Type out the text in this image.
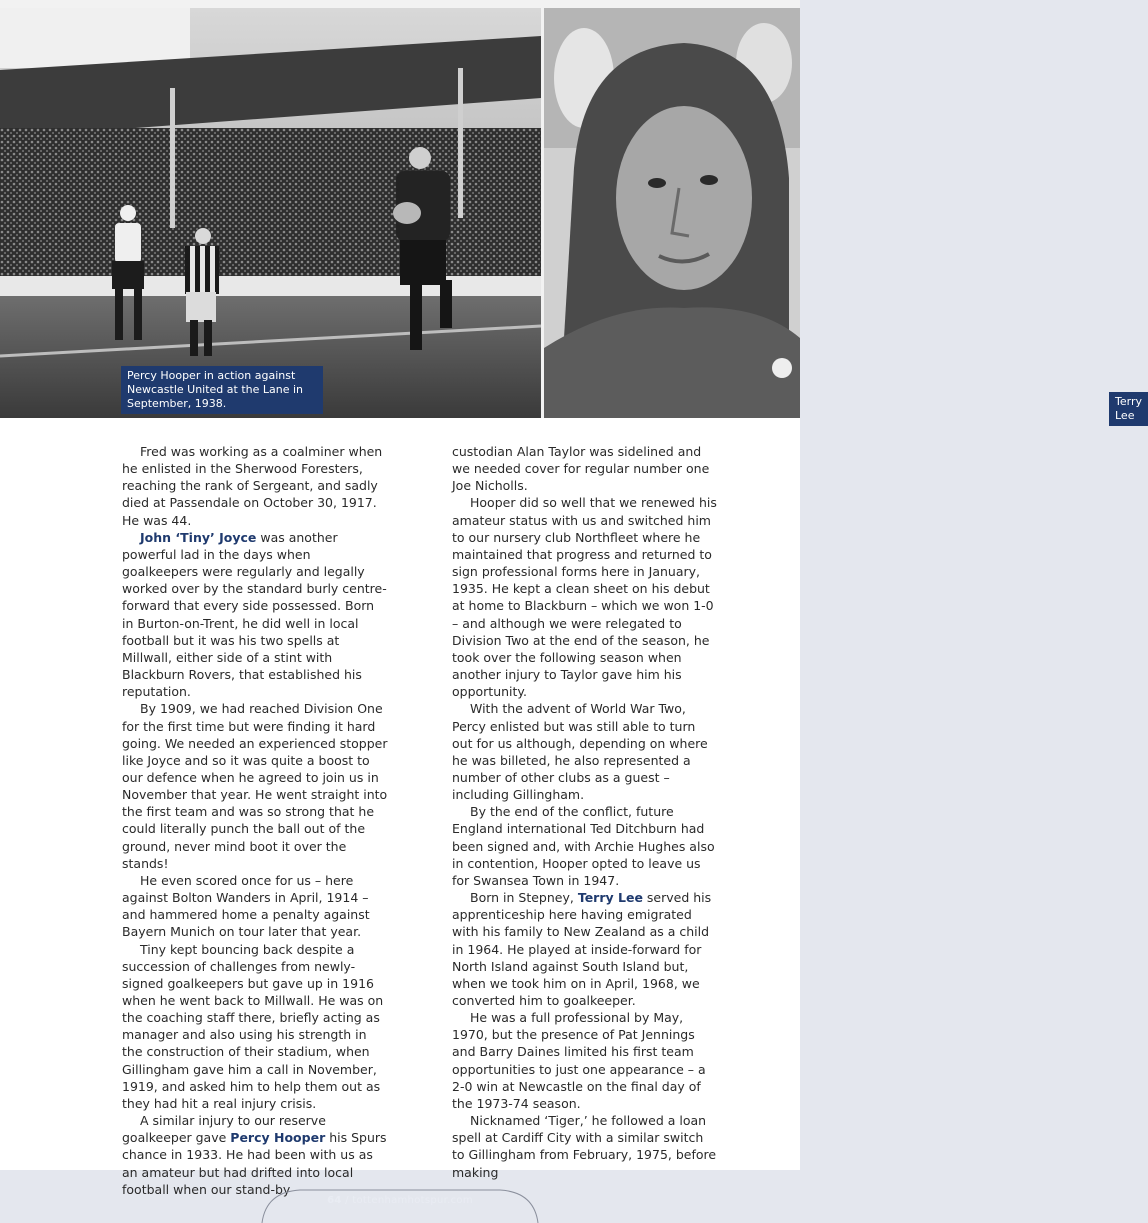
Percy Hooper in action against Newcastle United at the Lane in September, 1938.	Terry Lee

Fred was working as a coalminer when he enlisted in the Sherwood Foresters, reaching the rank of Sergeant, and sadly died at Passendale on October 30, 1917. He was 44.

John ‘Tiny’ Joyce was another powerful lad in the days when goalkeepers were regularly and legally worked over by the standard burly centre-forward that every side possessed. Born in Burton-on-Trent, he did well in local football but it was his two spells at Millwall, either side of a stint with Blackburn Rovers, that established his reputation.

By 1909, we had reached Division One for the first time but were finding it hard going. We needed an experienced stopper like Joyce and so it was quite a boost to our defence when he agreed to join us in November that year. He went straight into the first team and was so strong that he could literally punch the ball out of the ground, never mind boot it over the stands!

He even scored once for us – here against Bolton Wanders in April, 1914 – and hammered home a penalty against Bayern Munich on tour later that year.

Tiny kept bouncing back despite a succession of challenges from newly-signed goalkeepers but gave up in 1916 when he went back to Millwall. He was on the coaching staff there, briefly acting as manager and also using his strength in the construction of their stadium, when Gillingham gave him a call in November, 1919, and asked him to help them out as they had hit a real injury crisis.

A similar injury to our reserve goalkeeper gave Percy Hooper his Spurs chance in 1933. He had been with us as an amateur but had drifted into local football when our stand-by

custodian Alan Taylor was sidelined and we needed cover for regular number one Joe Nicholls.

Hooper did so well that we renewed his amateur status with us and switched him to our nursery club Northfleet where he maintained that progress and returned to sign professional forms here in January, 1935. He kept a clean sheet on his debut at home to Blackburn – which we won 1-0 – and although we were relegated to Division Two at the end of the season, he took over the following season when another injury to Taylor gave him his opportunity.

With the advent of World War Two, Percy enlisted but was still able to turn out for us although, depending on where he was billeted, he also represented a number of other clubs as a guest – including Gillingham.

By the end of the conflict, future England international Ted Ditchburn had been signed and, with Archie Hughes also in contention, Hooper opted to leave us for Swansea Town in 1947.

Born in Stepney, Terry Lee served his apprenticeship here having emigrated with his family to New Zealand as a child in 1964. He played at inside-forward for North Island against South Island but, when we took him on in April, 1968, we converted him to goalkeeper.

He was a full professional by May, 1970, but the presence of Pat Jennings and Barry Daines limited his first team opportunities to just one appearance – a 2-0 win at Newcastle on the final day of the 1973-74 season.

Nicknamed ‘Tiger,’ he followed a loan spell at Cardiff City with a similar switch to Gillingham from February, 1975, before making

64 / tottenhamhotspur.com
